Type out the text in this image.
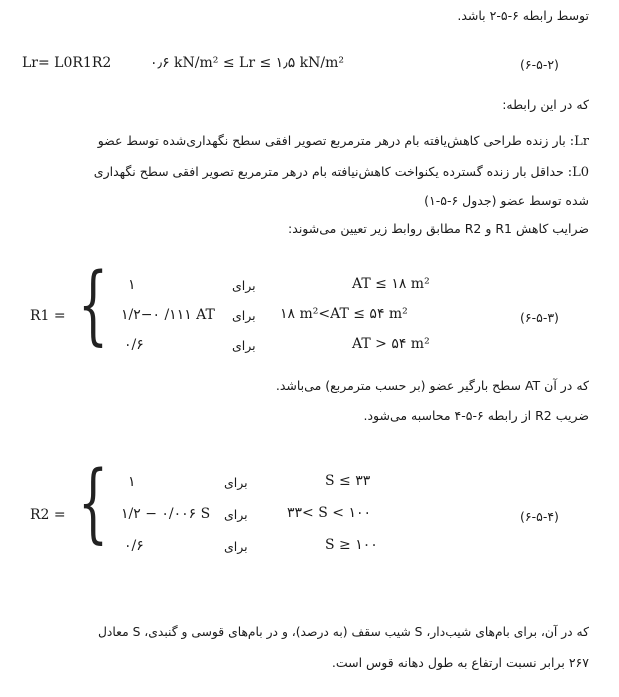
توسط رابطه ۶-۵-۲ باشد.
Lr= L0R1R2	۰٫۶ kN/m² ≤ Lr ≤ ۱٫۵ kN/m²	(۶-۵-۲)
که در این رابطه:
Lr: بار زنده طراحی کاهش‌یافته بام درهر مترمربع تصویر افقی سطح نگهداری‌شده توسط عضو
L0: حداقل بار زنده گسترده یکنواخت کاهش‌نیافته بام درهر مترمربع تصویر افقی سطح نگهداری
شده توسط عضو (جدول ۶-۵-۱)
ضرایب کاهش R1 و R2 مطابق روابط زیر تعیین می‌شوند:
R1 = { ۱	برای	AT ≤ ۱۸ m²
۱/۲−۰ /۱۱۱ AT برای ۱۸ m²<AT ≤ ۵۴ m²
۰/۶	برای	AT > ۵۴ m²
(۶-۵-۳)
که در آن AT سطح بارگیر عضو (بر حسب مترمربع) می‌باشد.
ضریب R2 از رابطه ۶-۵-۴ محاسبه می‌شود.
R2 = { ۱	برای	S ≤ ۳۳
۱/۲ − ۰/۰۰۶ S برای	۳۳< S < ۱۰۰
۰/۶	برای	S ≥ ۱۰۰
(۶-۵-۴)
که در آن، برای بام‌های شیب‌دار، S شیب سقف (به درصد)، و در بام‌های قوسی و گنبدی، S معادل
۲۶۷ برابر نسبت ارتفاع به طول دهانه قوس است.
